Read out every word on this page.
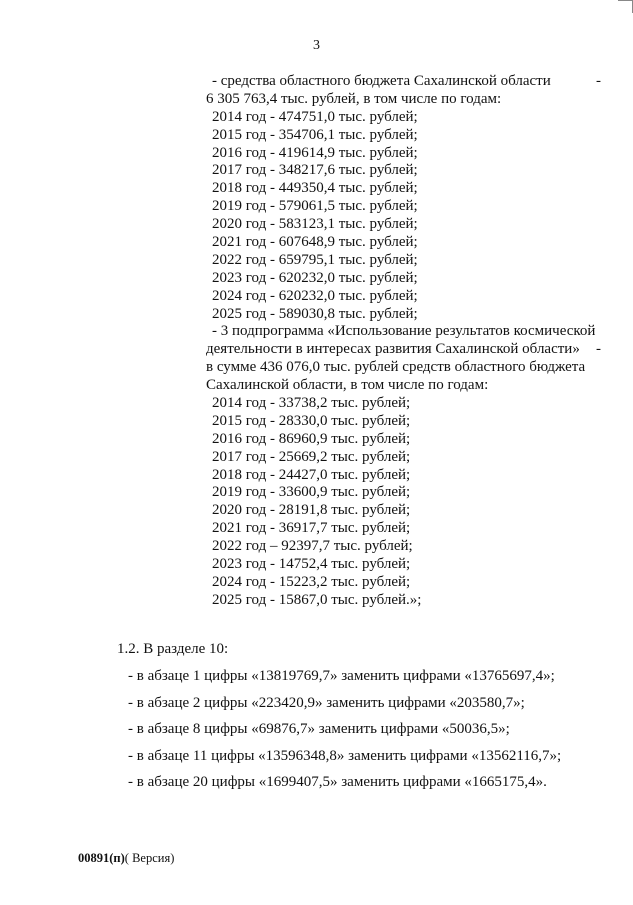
3
- средства областного бюджета Сахалинской области	-
6 305 763,4 тыс. рублей, в том числе по годам:
2014 год - 474751,0 тыс. рублей;
2015 год - 354706,1 тыс. рублей;
2016 год - 419614,9 тыс. рублей;
2017 год - 348217,6 тыс. рублей;
2018 год - 449350,4 тыс. рублей;
2019 год - 579061,5 тыс. рублей;
2020 год - 583123,1 тыс. рублей;
2021 год - 607648,9 тыс. рублей;
2022 год - 659795,1 тыс. рублей;
2023 год - 620232,0 тыс. рублей;
2024 год - 620232,0 тыс. рублей;
2025 год - 589030,8 тыс. рублей;
- 3 подпрограмма «Использование результатов космической
деятельности в интересах развития Сахалинской области» -
в сумме 436 076,0 тыс. рублей средств областного бюджета
Сахалинской области, в том числе по годам:
2014 год - 33738,2 тыс. рублей;
2015 год - 28330,0 тыс. рублей;
2016 год - 86960,9 тыс. рублей;
2017 год - 25669,2 тыс. рублей;
2018 год - 24427,0 тыс. рублей;
2019 год - 33600,9 тыс. рублей;
2020 год - 28191,8 тыс. рублей;
2021 год - 36917,7 тыс. рублей;
2022 год – 92397,7 тыс. рублей;
2023 год - 14752,4 тыс. рублей;
2024 год - 15223,2 тыс. рублей;
2025 год - 15867,0 тыс. рублей.»;
1.2. В разделе 10:
- в абзаце 1 цифры «13819769,7» заменить цифрами «13765697,4»;
- в абзаце 2 цифры «223420,9» заменить цифрами «203580,7»;
- в абзаце 8 цифры «69876,7» заменить цифрами «50036,5»;
- в абзаце 11 цифры «13596348,8» заменить цифрами «13562116,7»;
- в абзаце 20 цифры «1699407,5» заменить цифрами «1665175,4».
00891(п)( Версия)
